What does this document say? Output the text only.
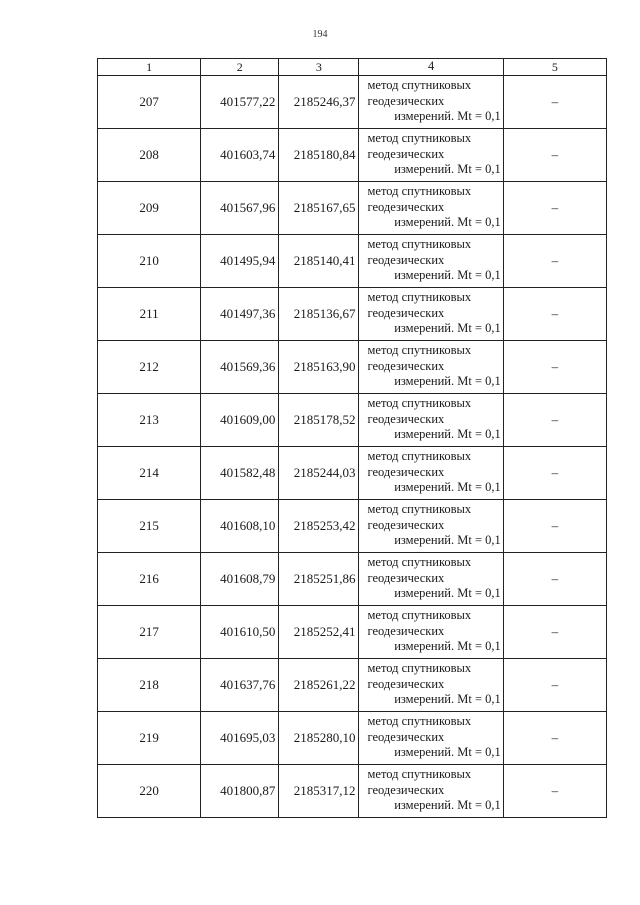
194
1	2	3	4	5
207	401577,22	2185246,37	метод спутниковых
геодезических
измерений. Mt = 0,1	–
208	401603,74	2185180,84	метод спутниковых
геодезических
измерений. Mt = 0,1	–
209	401567,96	2185167,65	метод спутниковых
геодезических
измерений. Mt = 0,1	–
210	401495,94	2185140,41	метод спутниковых
геодезических
измерений. Mt = 0,1	–
211	401497,36	2185136,67	метод спутниковых
геодезических
измерений. Mt = 0,1	–
212	401569,36	2185163,90	метод спутниковых
геодезических
измерений. Mt = 0,1	–
213	401609,00	2185178,52	метод спутниковых
геодезических
измерений. Mt = 0,1	–
214	401582,48	2185244,03	метод спутниковых
геодезических
измерений. Mt = 0,1	–
215	401608,10	2185253,42	метод спутниковых
геодезических
измерений. Mt = 0,1	–
216	401608,79	2185251,86	метод спутниковых
геодезических
измерений. Mt = 0,1	–
217	401610,50	2185252,41	метод спутниковых
геодезических
измерений. Mt = 0,1	–
218	401637,76	2185261,22	метод спутниковых
геодезических
измерений. Mt = 0,1	–
219	401695,03	2185280,10	метод спутниковых
геодезических
измерений. Mt = 0,1	–
220	401800,87	2185317,12	метод спутниковых
геодезических
измерений. Mt = 0,1	–
